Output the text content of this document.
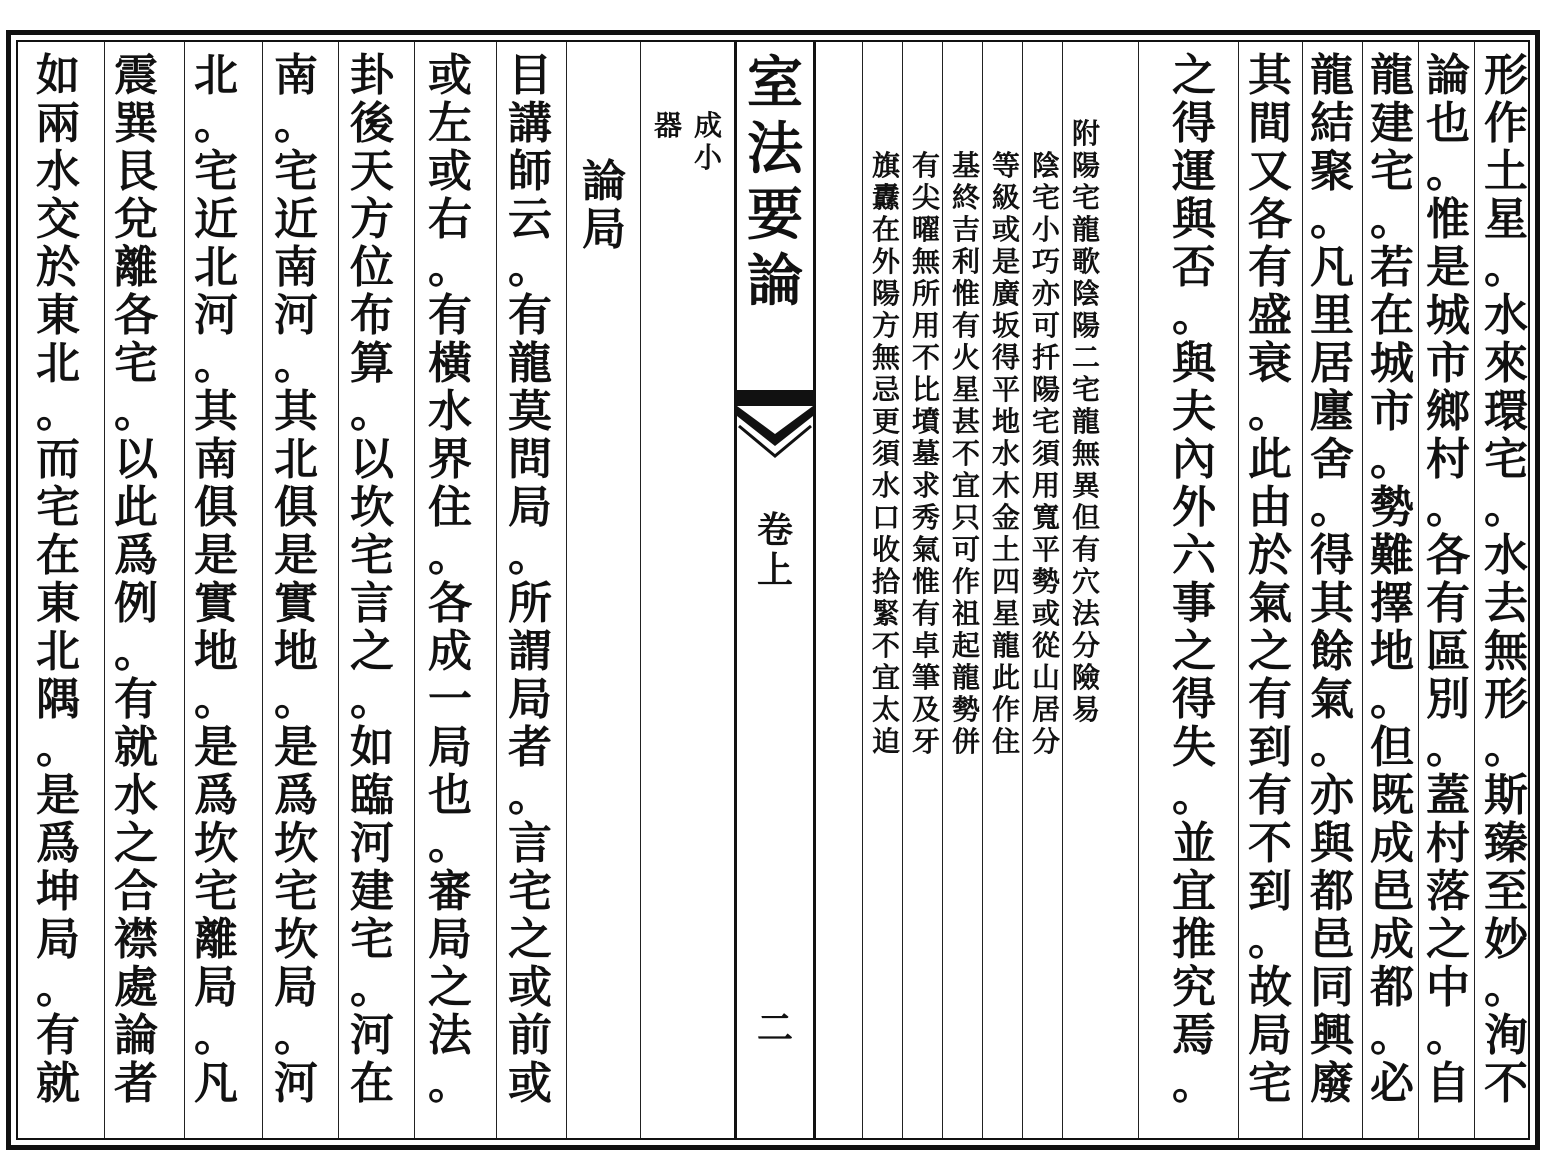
室
法
要
論
卷
上
二
形
作
土
星
。
水
來
環
宅
。
水
去
無
形
。
斯
臻
至
妙
。
洵
不
論
也
。
惟
是
城
市
鄉
村
。
各
有
區
別
。
蓋
村
落
之
中
。
自
龍
建
宅
。
若
在
城
市
。
勢
難
擇
地
。
但
既
成
邑
成
都
。
必
龍
結
聚
。
凡
里
居
廛
舍
。
得
其
餘
氣
。
亦
與
都
邑
同
興
廢
其
間
又
各
有
盛
衰
。
此
由
於
氣
之
有
到
有
不
到
。
故
局
宅
之
得
運
與
否
。
與
夫
內
外
六
事
之
得
失
。
並
宜
推
究
焉
。
附
陽
宅
龍
歌
陰
陽
二
宅
龍
無
異
但
有
穴
法
分
險
易
陰
宅
小
巧
亦
可
扦
陽
宅
須
用
寬
平
勢
或
從
山
居
分
等
級
或
是
廣
坂
得
平
地
水
木
金
土
四
星
龍
此
作
住
基
終
吉
利
惟
有
火
星
甚
不
宜
只
可
作
祖
起
龍
勢
併
有
尖
曜
無
所
用
不
比
墳
墓
求
秀
氣
惟
有
卓
筆
及
牙
旗
纛
在
外
陽
方
無
忌
更
須
水
口
收
拾
緊
不
宜
太
迫
成
小
器
論
局
目
講
師
云
。
有
龍
莫
問
局
。
所
謂
局
者
。
言
宅
之
或
前
或
或
左
或
右
。
有
橫
水
界
住
。
各
成
一
局
也
。
審
局
之
法
。
卦
後
天
方
位
布
算
。
以
坎
宅
言
之
。
如
臨
河
建
宅
。
河
在
南
。
宅
近
南
河
。
其
北
俱
是
實
地
。
是
爲
坎
宅
坎
局
。
河
北
。
宅
近
北
河
。
其
南
俱
是
實
地
。
是
爲
坎
宅
離
局
。
凡
震
巽
艮
兌
離
各
宅
。
以
此
爲
例
。
有
就
水
之
合
襟
處
論
者
如
兩
水
交
於
東
北
。
而
宅
在
東
北
隅
。
是
爲
坤
局
。
有
就
